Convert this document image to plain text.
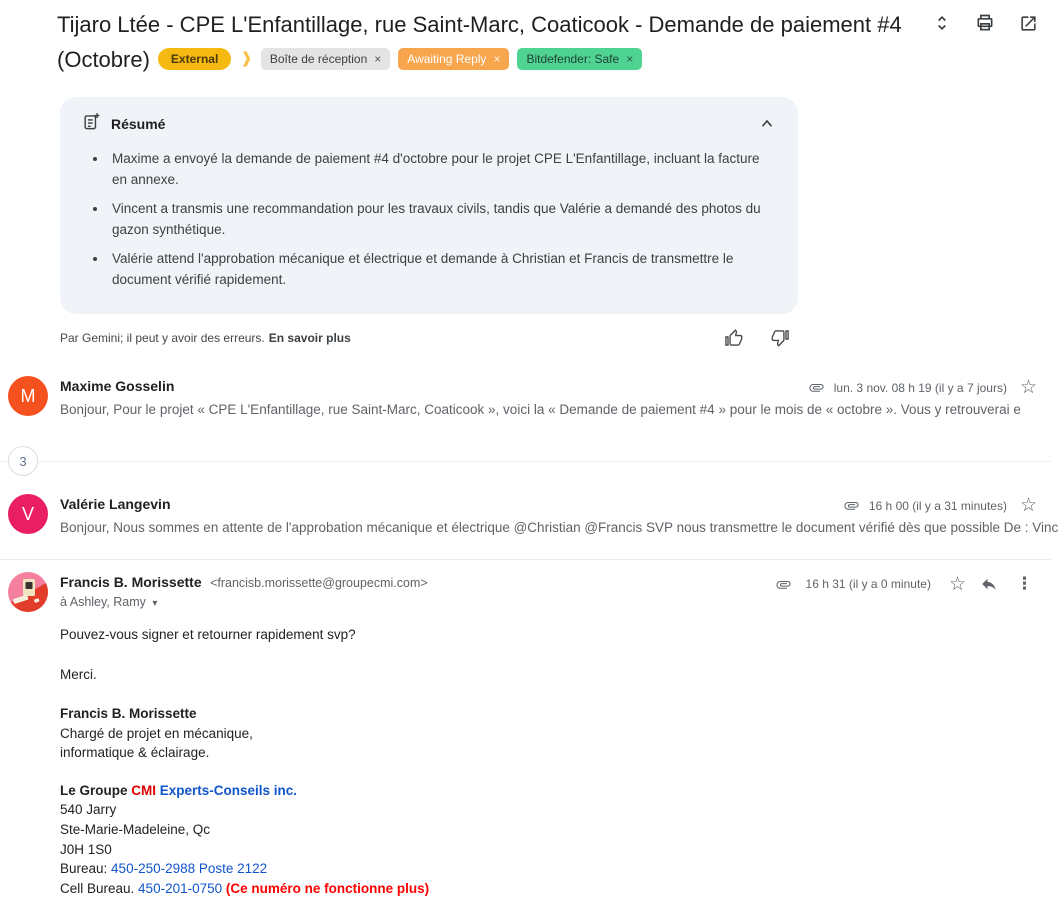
Tijaro Ltée - CPE L'Enfantillage, rue Saint-Marc, Coaticook - Demande de paiement #4 (Octobre) External ❱ Boîte de réception × Awaiting Reply × Bitdefender: Safe ×
Résumé
• Maxime a envoyé la demande de paiement #4 d'octobre pour le projet CPE L'Enfantillage, incluant la facture en annexe.
• Vincent a transmis une recommandation pour les travaux civils, tandis que Valérie a demandé des photos du gazon synthétique.
• Valérie attend l'approbation mécanique et électrique et demande à Christian et Francis de transmettre le document vérifié rapidement.
Par Gemini; il peut y avoir des erreurs. En savoir plus
M	Maxime Gosselin
Bonjour, Pour le projet « CPE L'Enfantillage, rue Saint-Marc, Coaticook », voici la « Demande de paiement #4 » pour le mois de « octobre ». Vous y retrouverai e
lun. 3 nov. 08 h 19 (il y a 7 jours) ☆
3
V	Valérie Langevin
Bonjour, Nous sommes en attente de l'approbation mécanique et électrique @Christian @Francis SVP nous transmettre le document vérifié dès que possible De : Vinc
16 h 00 (il y a 31 minutes) ☆
Francis B. Morissette <francisb.morissette@groupecmi.com>
à Ashley, Ramy ▾
16 h 31 (il y a 0 minute) ☆	⋮

Pouvez-vous signer et retourner rapidement svp?

Merci.

Francis B. Morissette
Chargé de projet en mécanique,
informatique & éclairage.
Le Groupe CMI Experts-Conseils inc.
540 Jarry
Ste-Marie-Madeleine, Qc
J0H 1S0
Bureau: 450-250-2988 Poste 2122
Cell Bureau. 450-201-0750 (Ce numéro ne fonctionne plus)
